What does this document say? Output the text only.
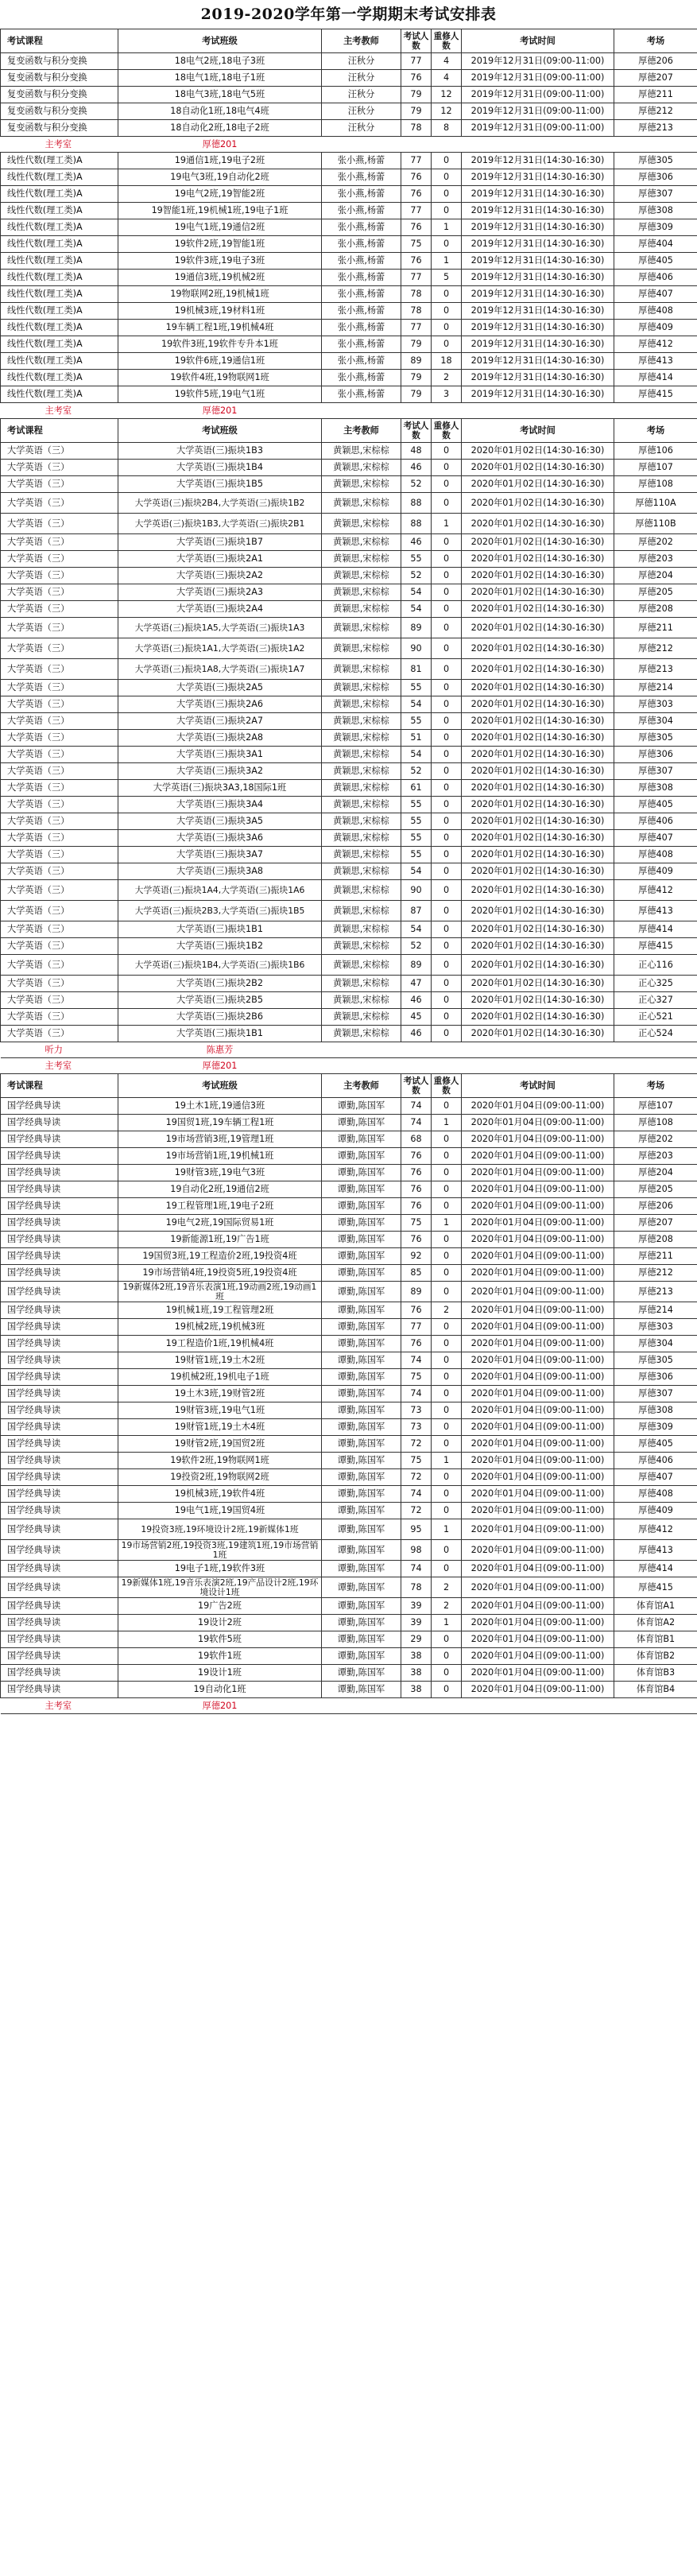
2019-2020学年第一学期期末考试安排表
考试课程	考试班级	主考教师	考试人数	重修人数	考试时间	考场
复变函数与积分变换	18电气2班,18电子3班	汪秋分	77	4	2019年12月31日(09:00-11:00)	厚德206
复变函数与积分变换	18电气1班,18电子1班	汪秋分	76	4	2019年12月31日(09:00-11:00)	厚德207
复变函数与积分变换	18电气3班,18电气5班	汪秋分	79	12	2019年12月31日(09:00-11:00)	厚德211
复变函数与积分变换	18自动化1班,18电气4班	汪秋分	79	12	2019年12月31日(09:00-11:00)	厚德212
复变函数与积分变换	18自动化2班,18电子2班	汪秋分	78	8	2019年12月31日(09:00-11:00)	厚德213
主考室	厚德201					
线性代数(理工类)A	19通信1班,19电子2班	张小燕,杨蕾	77	0	2019年12月31日(14:30-16:30)	厚德305
线性代数(理工类)A	19电气3班,19自动化2班	张小燕,杨蕾	76	0	2019年12月31日(14:30-16:30)	厚德306
线性代数(理工类)A	19电气2班,19智能2班	张小燕,杨蕾	76	0	2019年12月31日(14:30-16:30)	厚德307
线性代数(理工类)A	19智能1班,19机械1班,19电子1班	张小燕,杨蕾	77	0	2019年12月31日(14:30-16:30)	厚德308
线性代数(理工类)A	19电气1班,19通信2班	张小燕,杨蕾	76	1	2019年12月31日(14:30-16:30)	厚德309
线性代数(理工类)A	19软件2班,19智能1班	张小燕,杨蕾	75	0	2019年12月31日(14:30-16:30)	厚德404
线性代数(理工类)A	19软件3班,19电子3班	张小燕,杨蕾	76	1	2019年12月31日(14:30-16:30)	厚德405
线性代数(理工类)A	19通信3班,19机械2班	张小燕,杨蕾	77	5	2019年12月31日(14:30-16:30)	厚德406
线性代数(理工类)A	19物联网2班,19机械1班	张小燕,杨蕾	78	0	2019年12月31日(14:30-16:30)	厚德407
线性代数(理工类)A	19机械3班,19材料1班	张小燕,杨蕾	78	0	2019年12月31日(14:30-16:30)	厚德408
线性代数(理工类)A	19车辆工程1班,19机械4班	张小燕,杨蕾	77	0	2019年12月31日(14:30-16:30)	厚德409
线性代数(理工类)A	19软件3班,19软件专升本1班	张小燕,杨蕾	79	0	2019年12月31日(14:30-16:30)	厚德412
线性代数(理工类)A	19软件6班,19通信1班	张小燕,杨蕾	89	18	2019年12月31日(14:30-16:30)	厚德413
线性代数(理工类)A	19软件4班,19物联网1班	张小燕,杨蕾	79	2	2019年12月31日(14:30-16:30)	厚德414
线性代数(理工类)A	19软件5班,19电气1班	张小燕,杨蕾	79	3	2019年12月31日(14:30-16:30)	厚德415
主考室	厚德201					
考试课程	考试班级	主考教师	考试人数	重修人数	考试时间	考场
大学英语（三）	大学英语(三)振块1B3	黄颖思,宋棕棕	48	0	2020年01月02日(14:30-16:30)	厚德106
大学英语（三）	大学英语(三)振块1B4	黄颖思,宋棕棕	46	0	2020年01月02日(14:30-16:30)	厚德107
大学英语（三）	大学英语(三)振块1B5	黄颖思,宋棕棕	52	0	2020年01月02日(14:30-16:30)	厚德108
大学英语（三）	大学英语(三)振块2B4,大学英语(三)振块1B2	黄颖思,宋棕棕	88	0	2020年01月02日(14:30-16:30)	厚德110A
大学英语（三）	大学英语(三)振块1B3,大学英语(三)振块2B1	黄颖思,宋棕棕	88	1	2020年01月02日(14:30-16:30)	厚德110B
大学英语（三）	大学英语(三)振块1B7	黄颖思,宋棕棕	46	0	2020年01月02日(14:30-16:30)	厚德202
大学英语（三）	大学英语(三)振块2A1	黄颖思,宋棕棕	55	0	2020年01月02日(14:30-16:30)	厚德203
大学英语（三）	大学英语(三)振块2A2	黄颖思,宋棕棕	52	0	2020年01月02日(14:30-16:30)	厚德204
大学英语（三）	大学英语(三)振块2A3	黄颖思,宋棕棕	54	0	2020年01月02日(14:30-16:30)	厚德205
大学英语（三）	大学英语(三)振块2A4	黄颖思,宋棕棕	54	0	2020年01月02日(14:30-16:30)	厚德208
大学英语（三）	大学英语(三)振块1A5,大学英语(三)振块1A3	黄颖思,宋棕棕	89	0	2020年01月02日(14:30-16:30)	厚德211
大学英语（三）	大学英语(三)振块1A1,大学英语(三)振块1A2	黄颖思,宋棕棕	90	0	2020年01月02日(14:30-16:30)	厚德212
大学英语（三）	大学英语(三)振块1A8,大学英语(三)振块1A7	黄颖思,宋棕棕	81	0	2020年01月02日(14:30-16:30)	厚德213
大学英语（三）	大学英语(三)振块2A5	黄颖思,宋棕棕	55	0	2020年01月02日(14:30-16:30)	厚德214
大学英语（三）	大学英语(三)振块2A6	黄颖思,宋棕棕	54	0	2020年01月02日(14:30-16:30)	厚德303
大学英语（三）	大学英语(三)振块2A7	黄颖思,宋棕棕	55	0	2020年01月02日(14:30-16:30)	厚德304
大学英语（三）	大学英语(三)振块2A8	黄颖思,宋棕棕	51	0	2020年01月02日(14:30-16:30)	厚德305
大学英语（三）	大学英语(三)振块3A1	黄颖思,宋棕棕	54	0	2020年01月02日(14:30-16:30)	厚德306
大学英语（三）	大学英语(三)振块3A2	黄颖思,宋棕棕	52	0	2020年01月02日(14:30-16:30)	厚德307
大学英语（三）	大学英语(三)振块3A3,18国际1班	黄颖思,宋棕棕	61	0	2020年01月02日(14:30-16:30)	厚德308
大学英语（三）	大学英语(三)振块3A4	黄颖思,宋棕棕	55	0	2020年01月02日(14:30-16:30)	厚德405
大学英语（三）	大学英语(三)振块3A5	黄颖思,宋棕棕	55	0	2020年01月02日(14:30-16:30)	厚德406
大学英语（三）	大学英语(三)振块3A6	黄颖思,宋棕棕	55	0	2020年01月02日(14:30-16:30)	厚德407
大学英语（三）	大学英语(三)振块3A7	黄颖思,宋棕棕	55	0	2020年01月02日(14:30-16:30)	厚德408
大学英语（三）	大学英语(三)振块3A8	黄颖思,宋棕棕	54	0	2020年01月02日(14:30-16:30)	厚德409
大学英语（三）	大学英语(三)振块1A4,大学英语(三)振块1A6	黄颖思,宋棕棕	90	0	2020年01月02日(14:30-16:30)	厚德412
大学英语（三）	大学英语(三)振块2B3,大学英语(三)振块1B5	黄颖思,宋棕棕	87	0	2020年01月02日(14:30-16:30)	厚德413
大学英语（三）	大学英语(三)振块1B1	黄颖思,宋棕棕	54	0	2020年01月02日(14:30-16:30)	厚德414
大学英语（三）	大学英语(三)振块1B2	黄颖思,宋棕棕	52	0	2020年01月02日(14:30-16:30)	厚德415
大学英语（三）	大学英语(三)振块1B4,大学英语(三)振块1B6	黄颖思,宋棕棕	89	0	2020年01月02日(14:30-16:30)	正心116
大学英语（三）	大学英语(三)振块2B2	黄颖思,宋棕棕	47	0	2020年01月02日(14:30-16:30)	正心325
大学英语（三）	大学英语(三)振块2B5	黄颖思,宋棕棕	46	0	2020年01月02日(14:30-16:30)	正心327
大学英语（三）	大学英语(三)振块2B6	黄颖思,宋棕棕	45	0	2020年01月02日(14:30-16:30)	正心521
大学英语（三）	大学英语(三)振块1B1	黄颖思,宋棕棕	46	0	2020年01月02日(14:30-16:30)	正心524
听力	陈惠芳					
主考室	厚德201					
考试课程	考试班级	主考教师	考试人数	重修人数	考试时间	考场
国学经典导读	19土木1班,19通信3班	谭勤,陈国军	74	0	2020年01月04日(09:00-11:00)	厚德107
国学经典导读	19国贸1班,19车辆工程1班	谭勤,陈国军	74	1	2020年01月04日(09:00-11:00)	厚德108
国学经典导读	19市场营销3班,19管理1班	谭勤,陈国军	68	0	2020年01月04日(09:00-11:00)	厚德202
国学经典导读	19市场营销1班,19机械1班	谭勤,陈国军	76	0	2020年01月04日(09:00-11:00)	厚德203
国学经典导读	19财管3班,19电气3班	谭勤,陈国军	76	0	2020年01月04日(09:00-11:00)	厚德204
国学经典导读	19自动化2班,19通信2班	谭勤,陈国军	76	0	2020年01月04日(09:00-11:00)	厚德205
国学经典导读	19工程管理1班,19电子2班	谭勤,陈国军	76	0	2020年01月04日(09:00-11:00)	厚德206
国学经典导读	19电气2班,19国际贸易1班	谭勤,陈国军	75	1	2020年01月04日(09:00-11:00)	厚德207
国学经典导读	19新能源1班,19广告1班	谭勤,陈国军	76	0	2020年01月04日(09:00-11:00)	厚德208
国学经典导读	19国贸3班,19工程造价2班,19投资4班	谭勤,陈国军	92	0	2020年01月04日(09:00-11:00)	厚德211
国学经典导读	19市场营销4班,19投资5班,19投资4班	谭勤,陈国军	85	0	2020年01月04日(09:00-11:00)	厚德212
国学经典导读	19新媒体2班,19音乐表演1班,19动画2班,19动画1班	谭勤,陈国军	89	0	2020年01月04日(09:00-11:00)	厚德213
国学经典导读	19机械1班,19工程管理2班	谭勤,陈国军	76	2	2020年01月04日(09:00-11:00)	厚德214
国学经典导读	19机械2班,19机械3班	谭勤,陈国军	77	0	2020年01月04日(09:00-11:00)	厚德303
国学经典导读	19工程造价1班,19机械4班	谭勤,陈国军	76	0	2020年01月04日(09:00-11:00)	厚德304
国学经典导读	19财管1班,19土木2班	谭勤,陈国军	74	0	2020年01月04日(09:00-11:00)	厚德305
国学经典导读	19机械2班,19机电子1班	谭勤,陈国军	75	0	2020年01月04日(09:00-11:00)	厚德306
国学经典导读	19土木3班,19财管2班	谭勤,陈国军	74	0	2020年01月04日(09:00-11:00)	厚德307
国学经典导读	19财管3班,19电气1班	谭勤,陈国军	73	0	2020年01月04日(09:00-11:00)	厚德308
国学经典导读	19财管1班,19土木4班	谭勤,陈国军	73	0	2020年01月04日(09:00-11:00)	厚德309
国学经典导读	19财管2班,19国贸2班	谭勤,陈国军	72	0	2020年01月04日(09:00-11:00)	厚德405
国学经典导读	19软件2班,19物联网1班	谭勤,陈国军	75	1	2020年01月04日(09:00-11:00)	厚德406
国学经典导读	19投资2班,19物联网2班	谭勤,陈国军	72	0	2020年01月04日(09:00-11:00)	厚德407
国学经典导读	19机械3班,19软件4班	谭勤,陈国军	74	0	2020年01月04日(09:00-11:00)	厚德408
国学经典导读	19电气1班,19国贸4班	谭勤,陈国军	72	0	2020年01月04日(09:00-11:00)	厚德409
国学经典导读	19投资3班,19环境设计2班,19新媒体1班	谭勤,陈国军	95	1	2020年01月04日(09:00-11:00)	厚德412
国学经典导读	19市场营销2班,19投资3班,19建筑1班,19市场营销1班	谭勤,陈国军	98	0	2020年01月04日(09:00-11:00)	厚德413
国学经典导读	19电子1班,19软件3班	谭勤,陈国军	74	0	2020年01月04日(09:00-11:00)	厚德414
国学经典导读	19新媒体1班,19音乐表演2班,19产品设计2班,19环境设计1班	谭勤,陈国军	78	2	2020年01月04日(09:00-11:00)	厚德415
国学经典导读	19广告2班	谭勤,陈国军	39	2	2020年01月04日(09:00-11:00)	体育馆A1
国学经典导读	19设计2班	谭勤,陈国军	39	1	2020年01月04日(09:00-11:00)	体育馆A2
国学经典导读	19软件5班	谭勤,陈国军	29	0	2020年01月04日(09:00-11:00)	体育馆B1
国学经典导读	19软件1班	谭勤,陈国军	38	0	2020年01月04日(09:00-11:00)	体育馆B2
国学经典导读	19设计1班	谭勤,陈国军	38	0	2020年01月04日(09:00-11:00)	体育馆B3
国学经典导读	19自动化1班	谭勤,陈国军	38	0	2020年01月04日(09:00-11:00)	体育馆B4
主考室	厚德201					
